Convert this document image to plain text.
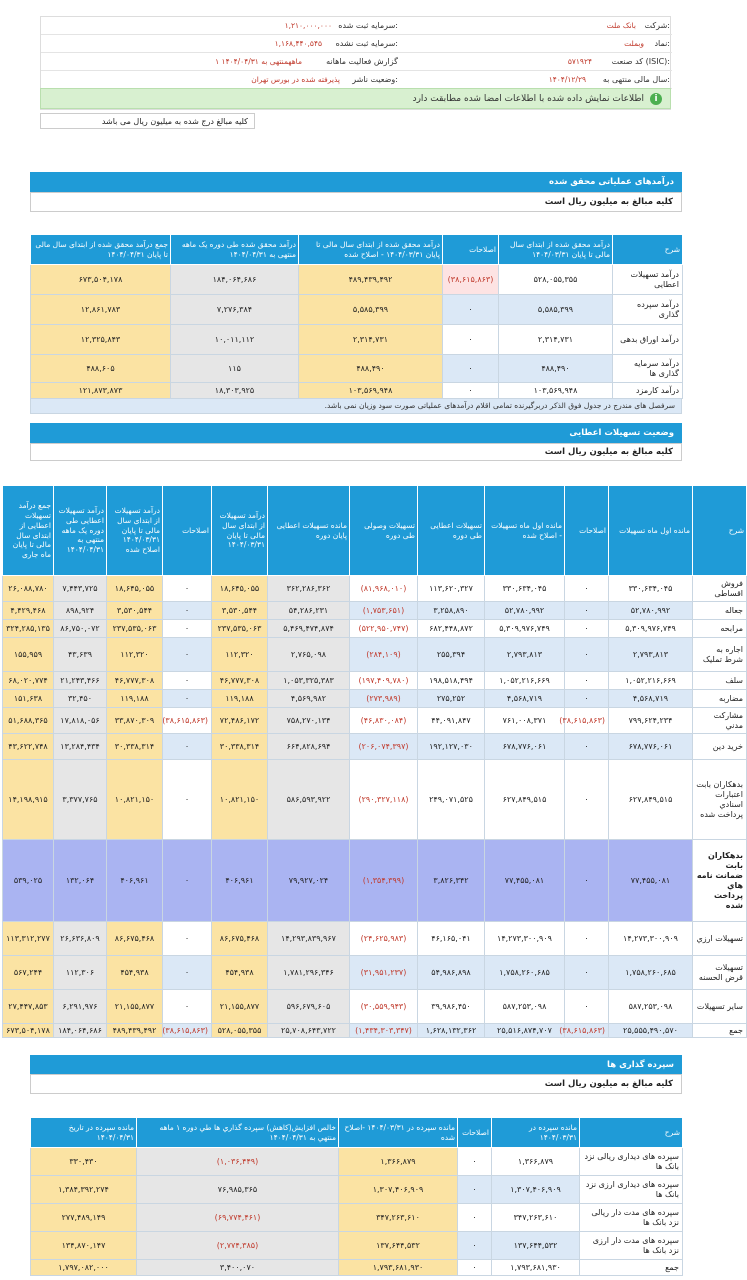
شرکت:
بانک ملت
سرمایه ثبت شده:
۱,۲۱۰,۰۰۰,۰۰۰
نماد:
وبملت
سرمایه ثبت نشده:
۱,۱۶۸,۴۴۰,۵۴۵
کد صنعت (ISIC):
۵۷۱۹۲۴
گزارش فعالیت ماهانه
۱ ماههمنتهی به ۱۴۰۴/۰۴/۳۱
سال مالی منتهی به:
۱۴۰۴/۱۲/۲۹
وضعیت ناشر:
پذیرفته شده در بورس تهران
اطلاعات نمایش داده شده با اطلاعات امضا شده مطابقت دارد	i
کلیه مبالغ درج شده به میلیون ریال می باشد
درآمدهای عملیاتی محقق شده
کلیه مبالغ به میلیون ریال است
شرح	درآمد محقق شده از ابتدای سال مالی تا پایان ۱۴۰۴/۰۳/۳۱	اصلاحات	درآمد محقق شده از ابتدای سال مالی تا پایان ۱۴۰۴/۰۳/۳۱ - اصلاح شده	درآمد محقق شده طی دوره یک ماهه منتهی به ۱۴۰۴/۰۴/۳۱	جمع درآمد محقق شده از ابتدای سال مالی تا پایان ۱۴۰۴/۰۴/۳۱
درآمد تسهیلات اعطایی	۵۲۸,۰۵۵,۳۵۵	(۳۸,۶۱۵,۸۶۳)	۴۸۹,۴۳۹,۴۹۲	۱۸۴,۰۶۴,۶۸۶	۶۷۳,۵۰۴,۱۷۸
درآمد سپرده گذاری	۵,۵۸۵,۳۹۹	۰	۵,۵۸۵,۳۹۹	۷,۲۷۶,۳۸۴	۱۲,۸۶۱,۷۸۳
درآمد اوراق بدهی	۲,۳۱۴,۷۳۱	۰	۲,۳۱۴,۷۳۱	۱۰,۰۱۱,۱۱۲	۱۲,۳۲۵,۸۴۳
درآمد سرمایه گذاری ها	۴۸۸,۴۹۰	۰	۴۸۸,۴۹۰	۱۱۵	۴۸۸,۶۰۵
درآمد کارمزد	۱۰۳,۵۶۹,۹۴۸	۰	۱۰۳,۵۶۹,۹۴۸	۱۸,۳۰۳,۹۲۵	۱۲۱,۸۷۳,۸۷۳
سرفصل های مندرج در جدول فوق الذکر دربرگیرنده تمامی اقلام درآمدهای عملیاتی صورت سود وزیان نمی باشد.
وضعیت تسهیلات اعطایی
کلیه مبالغ به میلیون ریال است
شرح	مانده اول ماه تسهیلات	اصلاحات	مانده اول ماه تسهیلات - اصلاح شده	تسهیلات اعطایی طی دوره	تسهیلات وصولی طی دوره	مانده تسهیلات اعطایی پایان دوره	درآمد تسهیلات از ابتدای سال مالی تا پایان ۱۴۰۴/۰۳/۳۱	اصلاحات	درآمد تسهیلات از ابتدای سال مالی تا پایان ۱۴۰۴/۰۳/۳۱ اصلاح شده	درآمد تسهیلات اعطایی طی دوره یک ماهه منتهی به ۱۴۰۴/۰۴/۳۱	جمع درآمد تسهیلات اعطایی از ابتدای سال مالی تا پایان ماه جاری
فروش اقساطی	۳۳۰,۶۳۴,۰۴۵	۰	۳۳۰,۶۳۴,۰۴۵	۱۱۳,۶۲۰,۳۲۷	(۸۱,۹۶۸,۰۱۰)	۳۶۲,۲۸۶,۳۶۲	۱۸,۶۴۵,۰۵۵	۰	۱۸,۶۴۵,۰۵۵	۷,۴۴۳,۷۲۵	۲۶,۰۸۸,۷۸۰
جعاله	۵۲,۷۸۰,۹۹۲	۰	۵۲,۷۸۰,۹۹۲	۳,۲۵۸,۸۹۰	(۱,۷۵۳,۶۵۱)	۵۴,۲۸۶,۲۳۱	۳,۵۳۰,۵۴۴	۰	۳,۵۳۰,۵۴۴	۸۹۸,۹۲۴	۴,۴۲۹,۴۶۸
مرابحه	۵,۳۰۹,۹۷۶,۷۴۹	۰	۵,۳۰۹,۹۷۶,۷۴۹	۶۸۲,۴۴۸,۸۷۲	(۵۲۲,۹۵۰,۷۴۷)	۵,۴۶۹,۴۷۴,۸۷۴	۲۳۷,۵۳۵,۰۶۳	۰	۲۳۷,۵۳۵,۰۶۳	۸۶,۷۵۰,۰۷۲	۳۲۴,۲۸۵,۱۳۵
اجاره به شرط تملیک	۲,۷۹۳,۸۱۳	۰	۲,۷۹۳,۸۱۳	۲۵۵,۳۹۴	(۲۸۴,۱۰۹)	۲,۷۶۵,۰۹۸	۱۱۲,۳۲۰	۰	۱۱۲,۳۲۰	۴۳,۶۳۹	۱۵۵,۹۵۹
سلف	۱,۰۵۲,۲۱۶,۶۶۹	۰	۱,۰۵۲,۲۱۶,۶۶۹	۱۹۸,۵۱۸,۴۹۴	(۱۹۷,۴۰۹,۷۸۰)	۱,۰۵۳,۳۲۵,۳۸۳	۴۶,۷۷۷,۳۰۸	۰	۴۶,۷۷۷,۳۰۸	۲۱,۲۴۳,۴۶۶	۶۸,۰۲۰,۷۷۴
مضاربه	۴,۵۶۸,۷۱۹	۰	۴,۵۶۸,۷۱۹	۲۷۵,۲۵۲	(۲۷۳,۹۸۹)	۴,۵۶۹,۹۸۲	۱۱۹,۱۸۸	۰	۱۱۹,۱۸۸	۳۲,۴۵۰	۱۵۱,۶۳۸
مشارکت مدني	۷۹۹,۶۲۴,۲۳۴	(۳۸,۶۱۵,۸۶۳)	۷۶۱,۰۰۸,۳۷۱	۴۴,۰۹۱,۸۴۷	(۴۶,۸۳۰,۰۸۴)	۷۵۸,۲۷۰,۱۳۴	۷۲,۴۸۶,۱۷۲	(۳۸,۶۱۵,۸۶۳)	۳۳,۸۷۰,۳۰۹	۱۷,۸۱۸,۰۵۶	۵۱,۶۸۸,۳۶۵
خرید دین	۶۷۸,۷۷۶,۰۶۱	۰	۶۷۸,۷۷۶,۰۶۱	۱۹۲,۱۲۷,۰۳۰	(۲۰۶,۰۷۴,۳۹۷)	۶۶۴,۸۲۸,۶۹۴	۳۰,۳۳۸,۳۱۴	۰	۳۰,۳۳۸,۳۱۴	۱۳,۲۸۴,۴۳۴	۴۳,۶۲۲,۷۴۸
بدهکاران بابت اعتبارات اسنادي پرداخت شده	۶۲۷,۸۴۹,۵۱۵	۰	۶۲۷,۸۴۹,۵۱۵	۲۴۹,۰۷۱,۵۲۵	(۲۹۰,۳۲۷,۱۱۸)	۵۸۶,۵۹۳,۹۲۲	۱۰,۸۲۱,۱۵۰	۰	۱۰,۸۲۱,۱۵۰	۳,۳۷۷,۷۶۵	۱۴,۱۹۸,۹۱۵
بدهکاران بابت ضمانت نامه هاي پرداخت شده	۷۷,۴۵۵,۰۸۱	۰	۷۷,۴۵۵,۰۸۱	۳,۸۲۶,۳۴۲	(۱,۳۵۴,۳۹۹)	۷۹,۹۲۷,۰۲۴	۴۰۶,۹۶۱	۰	۴۰۶,۹۶۱	۱۳۲,۰۶۴	۵۳۹,۰۲۵
تسهیلات ارزي	۱۴,۲۷۳,۳۰۰,۹۰۹	۰	۱۴,۲۷۳,۳۰۰,۹۰۹	۴۶,۱۶۵,۰۴۱	(۲۴,۶۲۵,۹۸۳)	۱۴,۲۹۳,۸۳۹,۹۶۷	۸۶,۶۷۵,۴۶۸	۰	۸۶,۶۷۵,۴۶۸	۲۶,۶۳۶,۸۰۹	۱۱۳,۳۱۲,۲۷۷
تسهیلات قرض الحسنه	۱,۷۵۸,۲۶۰,۶۸۵	۰	۱,۷۵۸,۲۶۰,۶۸۵	۵۴,۹۸۶,۸۹۸	(۳۱,۹۵۱,۲۳۷)	۱,۷۸۱,۲۹۶,۳۴۶	۴۵۴,۹۳۸	۰	۴۵۴,۹۳۸	۱۱۲,۳۰۶	۵۶۷,۲۴۴
سایر تسهیلات	۵۸۷,۲۵۳,۰۹۸	۰	۵۸۷,۲۵۳,۰۹۸	۳۹,۹۸۶,۴۵۰	(۳۰,۵۵۹,۹۴۳)	۵۹۶,۶۷۹,۶۰۵	۲۱,۱۵۵,۸۷۷	۰	۲۱,۱۵۵,۸۷۷	۶,۲۹۱,۹۷۶	۲۷,۴۴۷,۸۵۳
جمع	۲۵,۵۵۵,۴۹۰,۵۷۰	(۳۸,۶۱۵,۸۶۳)	۲۵,۵۱۶,۸۷۴,۷۰۷	۱,۶۲۸,۱۳۲,۳۶۲	(۱,۴۳۴,۳۰۳,۳۴۷)	۲۵,۷۰۸,۶۴۳,۷۲۲	۵۲۸,۰۵۵,۳۵۵	(۳۸,۶۱۵,۸۶۳)	۴۸۹,۴۳۹,۴۹۲	۱۸۴,۰۶۴,۶۸۶	۶۷۳,۵۰۴,۱۷۸
سپرده گذاری ها
کلیه مبالغ به میلیون ریال است
شرح	مانده سپرده در ۱۴۰۴/۰۳/۳۱	اصلاحات	مانده سپرده در ۱۴۰۴/۰۳/۳۱ -اصلاح شده	خالص افزایش(کاهش) سپرده گذاري ها طي دوره ۱ ماهه منتهي به ۱۴۰۴/۰۴/۳۱	مانده سپرده در تاریخ ۱۴۰۴/۰۴/۳۱
سپرده های دیداری ریالی نزد بانک ها	۱,۳۶۶,۸۷۹	۰	۱,۳۶۶,۸۷۹	(۱,۰۳۶,۴۴۹)	۳۳۰,۴۳۰
سپرده های دیداری ارزی نزد بانک ها	۱,۳۰۷,۴۰۶,۹۰۹	۰	۱,۳۰۷,۴۰۶,۹۰۹	۷۶,۹۸۵,۳۶۵	۱,۳۸۴,۳۹۲,۲۷۴
سپرده های مدت دار ریالی نزد بانک ها	۳۴۷,۲۶۳,۶۱۰	۰	۳۴۷,۲۶۳,۶۱۰	(۶۹,۷۷۴,۴۶۱)	۲۷۷,۴۸۹,۱۴۹
سپرده های مدت دار ارزی نزد بانک ها	۱۳۷,۶۴۴,۵۳۲	۰	۱۳۷,۶۴۴,۵۳۲	(۲,۷۷۴,۳۸۵)	۱۳۴,۸۷۰,۱۴۷
جمع	۱,۷۹۳,۶۸۱,۹۳۰	۰	۱,۷۹۳,۶۸۱,۹۳۰	۳,۴۰۰,۰۷۰	۱,۷۹۷,۰۸۲,۰۰۰
